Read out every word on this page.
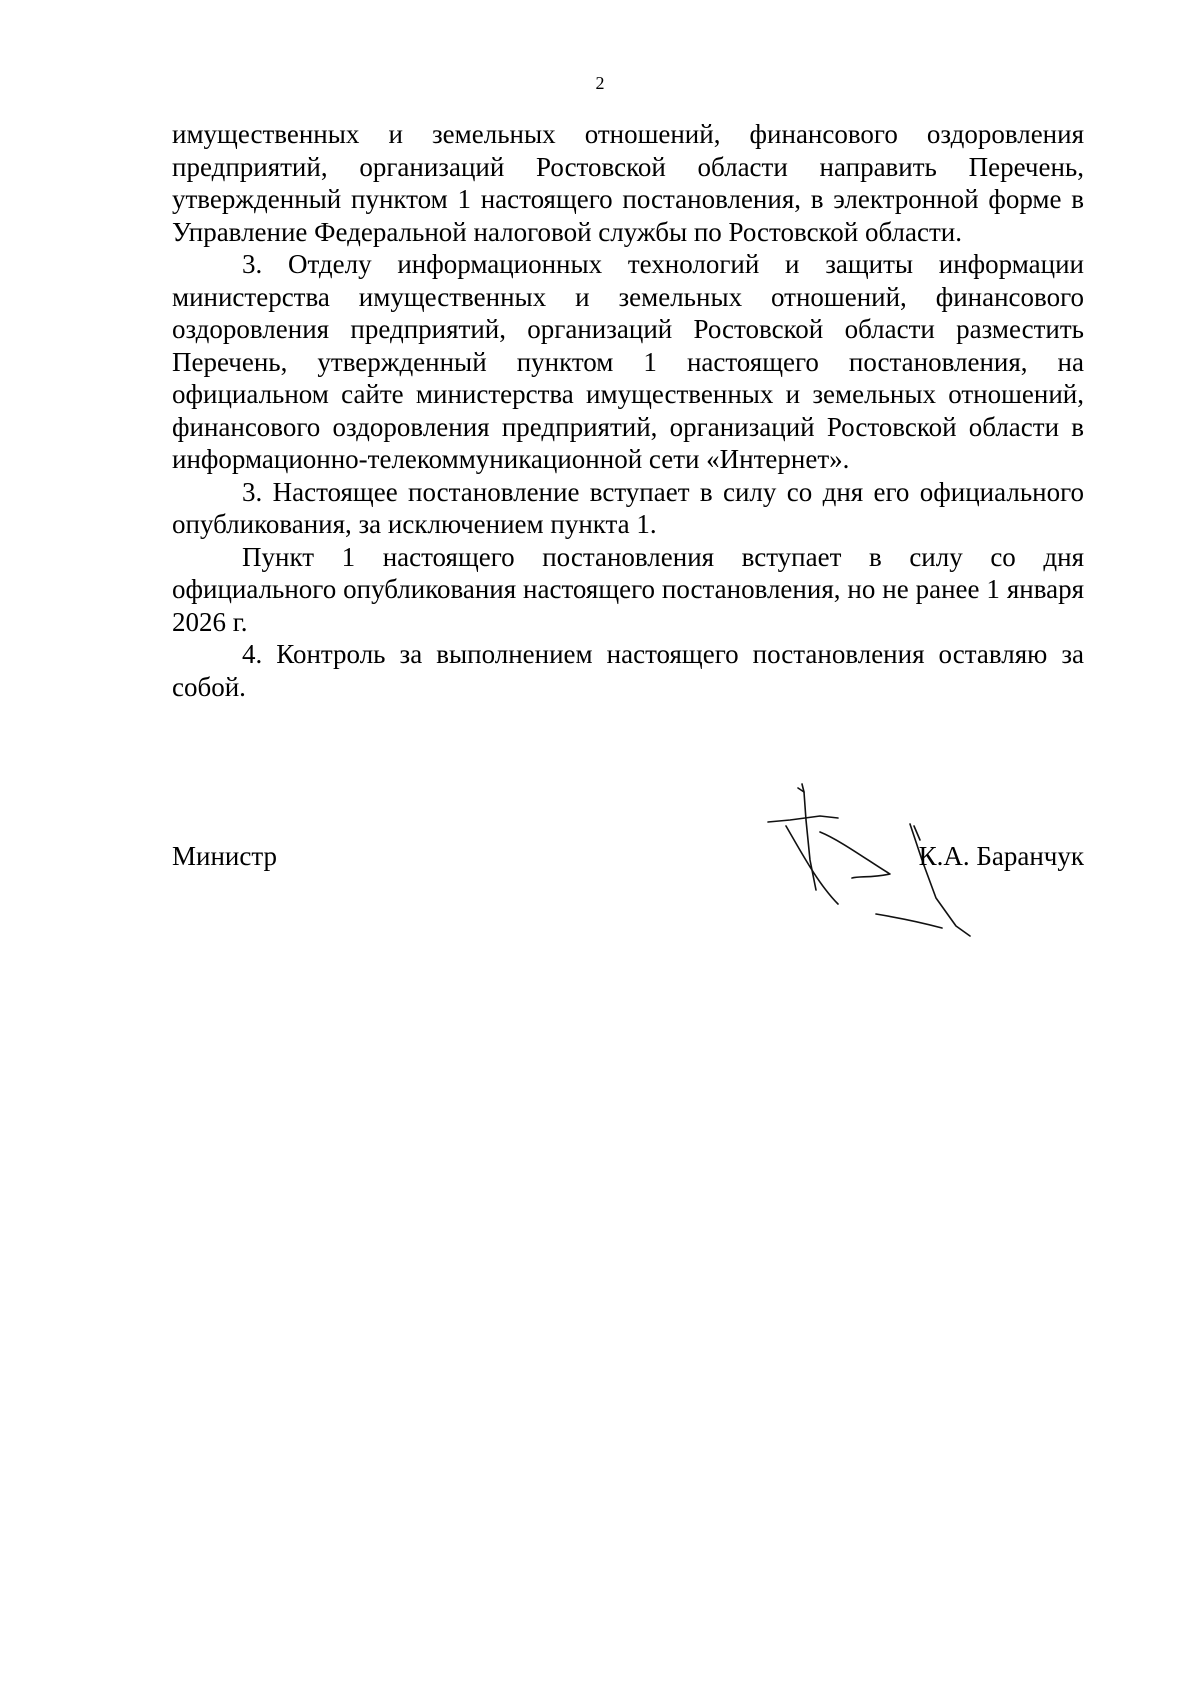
2

имущественных и земельных отношений, финансового оздоровления предприятий, организаций Ростовской области направить Перечень, утвержденный пунктом 1 настоящего постановления, в электронной форме в Управление Федеральной налоговой службы по Ростовской области.

3. Отделу информационных технологий и защиты информации министерства имущественных и земельных отношений, финансового оздоровления предприятий, организаций Ростовской области разместить Перечень, утвержденный пунктом 1 настоящего постановления, на официальном сайте министерства имущественных и земельных отношений, финансового оздоровления предприятий, организаций Ростовской области в информационно-телекоммуникационной сети «Интернет».

3. Настоящее постановление вступает в силу со дня его официального опубликования, за исключением пункта 1.

Пункт 1 настоящего постановления вступает в силу со дня официального опубликования настоящего постановления, но не ранее 1 января 2026 г.

4. Контроль за выполнением настоящего постановления оставляю за собой.

Министр	К.А. Баранчук
